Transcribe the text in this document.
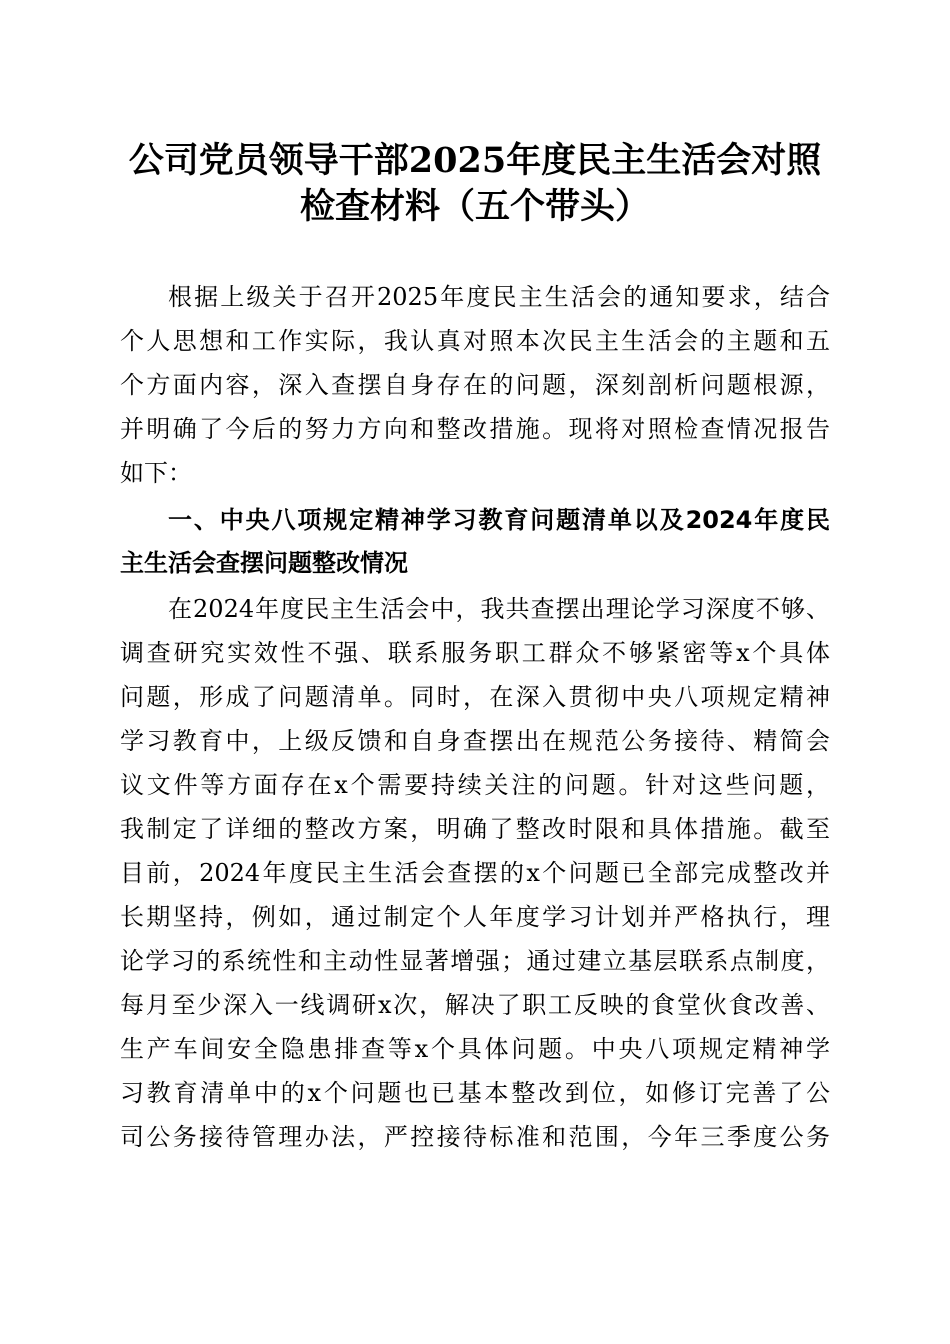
公司党员领导干部2025年度民主生活会对照
检查材料（五个带头）
根据上级关于召开2025年度民主生活会的通知要求，结合
个人思想和工作实际，我认真对照本次民主生活会的主题和五
个方面内容，深入查摆自身存在的问题，深刻剖析问题根源，
并明确了今后的努力方向和整改措施。现将对照检查情况报告
如下：
一、中央八项规定精神学习教育问题清单以及2024年度民
主生活会查摆问题整改情况
在2024年度民主生活会中，我共查摆出理论学习深度不够、
调查研究实效性不强、联系服务职工群众不够紧密等x个具体
问题，形成了问题清单。同时，在深入贯彻中央八项规定精神
学习教育中，上级反馈和自身查摆出在规范公务接待、精简会
议文件等方面存在x个需要持续关注的问题。针对这些问题，
我制定了详细的整改方案，明确了整改时限和具体措施。截至
目前，2024年度民主生活会查摆的x个问题已全部完成整改并
长期坚持，例如，通过制定个人年度学习计划并严格执行，理
论学习的系统性和主动性显著增强；通过建立基层联系点制度，
每月至少深入一线调研x次，解决了职工反映的食堂伙食改善、
生产车间安全隐患排查等x个具体问题。中央八项规定精神学
习教育清单中的x个问题也已基本整改到位，如修订完善了公
司公务接待管理办法，严控接待标准和范围，今年三季度公务
